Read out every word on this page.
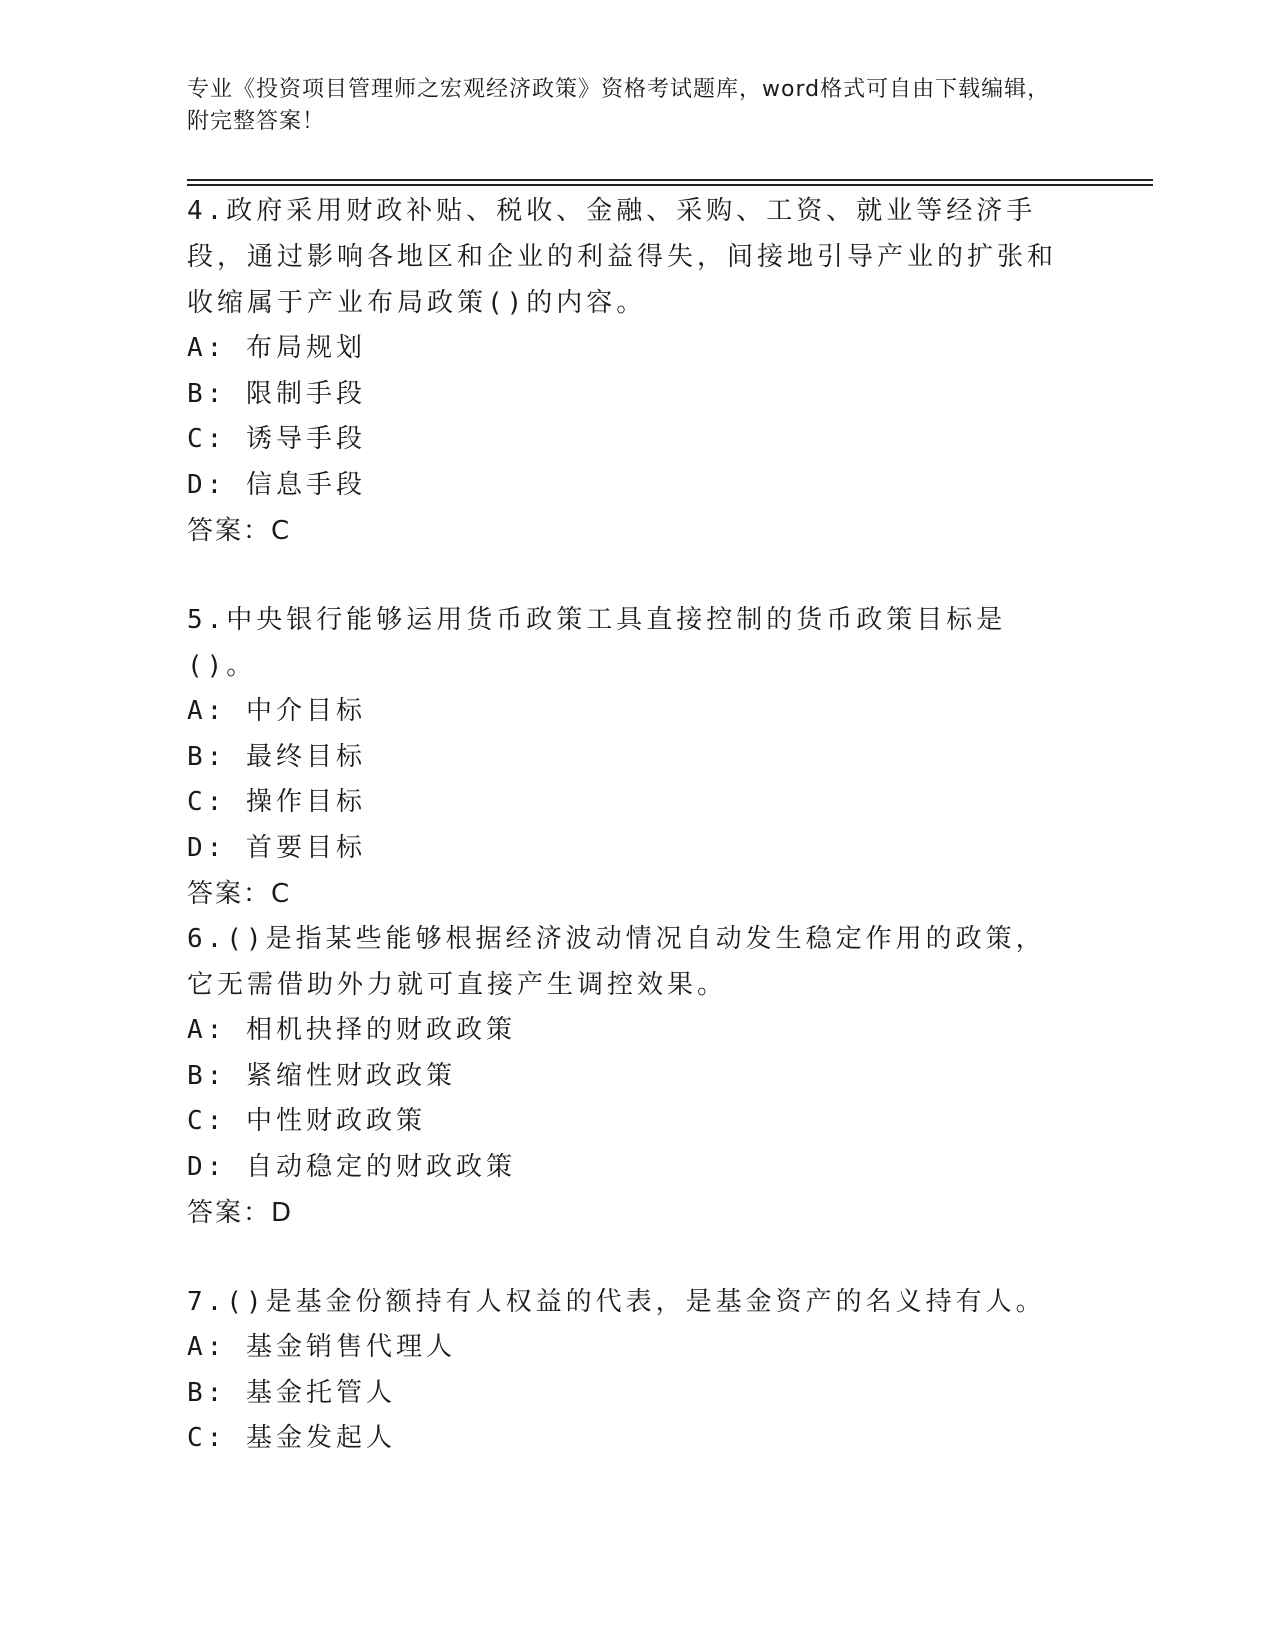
专业《投资项目管理师之宏观经济政策》资格考试题库，word格式可自由下载编辑，附完整答案！

4.政府采用财政补贴、税收、金融、采购、工资、就业等经济手段，通过影响各地区和企业的利益得失，间接地引导产业的扩张和收缩属于产业布局政策()的内容。

A: 布局规划

B: 限制手段

C: 诱导手段

D: 信息手段

答案：C

5.中央银行能够运用货币政策工具直接控制的货币政策目标是()。

A: 中介目标

B: 最终目标

C: 操作目标

D: 首要目标

答案：C

6.()是指某些能够根据经济波动情况自动发生稳定作用的政策，它无需借助外力就可直接产生调控效果。

A: 相机抉择的财政政策

B: 紧缩性财政政策

C: 中性财政政策

D: 自动稳定的财政政策

答案：D

7.()是基金份额持有人权益的代表，是基金资产的名义持有人。

A: 基金销售代理人

B: 基金托管人

C: 基金发起人
